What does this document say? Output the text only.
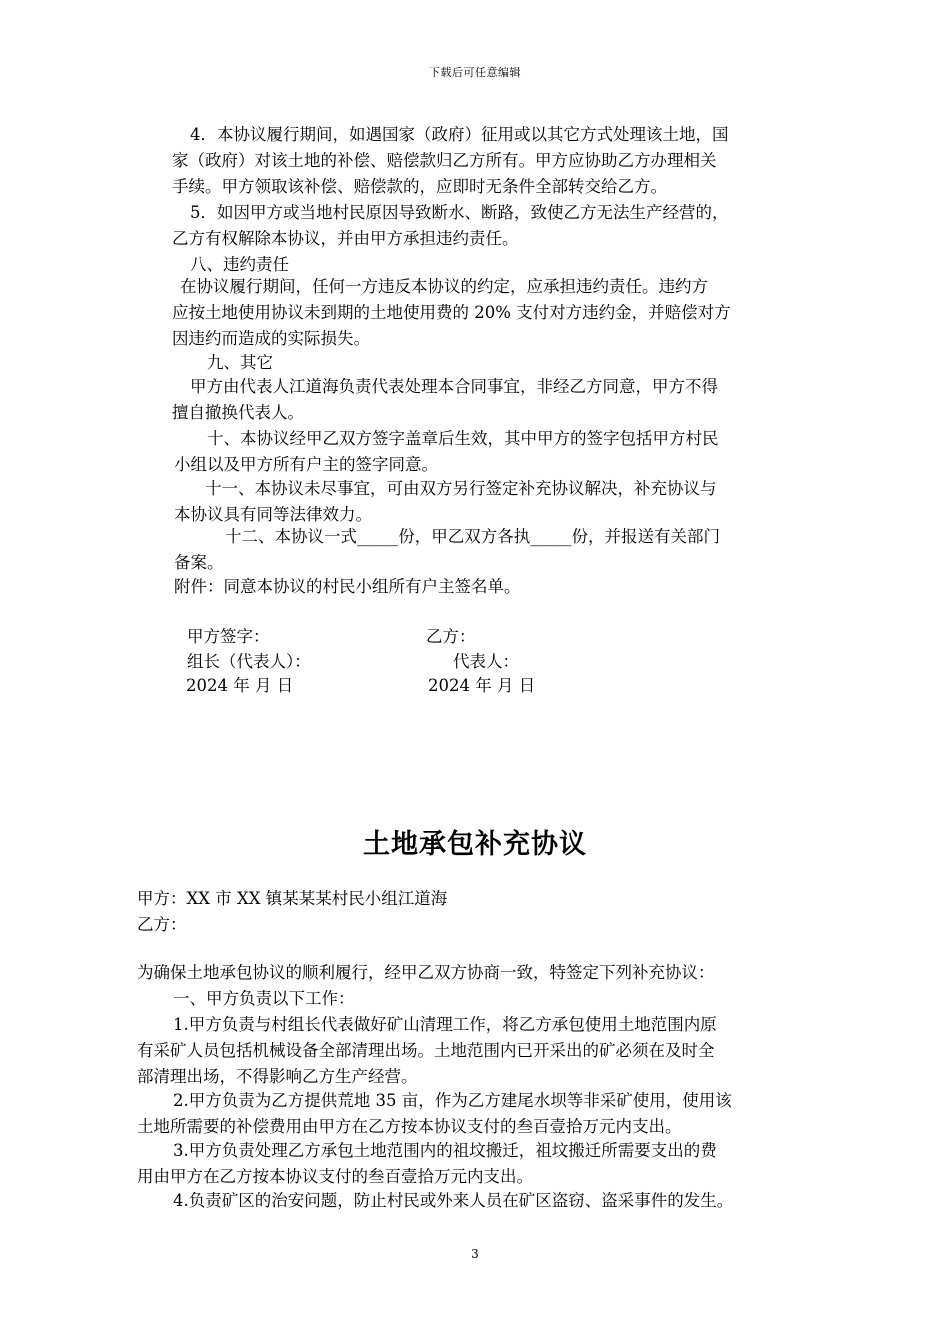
下载后可任意编辑
4．本协议履行期间，如遇国家（政府）征用或以其它方式处理该土地，国
家（政府）对该土地的补偿、赔偿款归乙方所有。甲方应协助乙方办理相关
手续。甲方领取该补偿、赔偿款的，应即时无条件全部转交给乙方。
5．如因甲方或当地村民原因导致断水、断路，致使乙方无法生产经营的，
乙方有权解除本协议，并由甲方承担违约责任。
八、违约责任
在协议履行期间，任何一方违反本协议的约定，应承担违约责任。违约方
应按土地使用协议未到期的土地使用费的 20% 支付对方违约金，并赔偿对方
因违约而造成的实际损失。
九、其它
甲方由代表人江道海负责代表处理本合同事宜，非经乙方同意，甲方不得
擅自撤换代表人。
十、本协议经甲乙双方签字盖章后生效，其中甲方的签字包括甲方村民
小组以及甲方所有户主的签字同意。
十一、本协议未尽事宜，可由双方另行签定补充协议解决，补充协议与
本协议具有同等法律效力。
十二、本协议一式_____份，甲乙双方各执_____份，并报送有关部门
备案。
附件：同意本协议的村民小组所有户主签名单。
甲方签字：	乙方：
组长（代表人）：	代表人：
2024 年 月 日	2024 年 月 日
土地承包补充协议
甲方：XX 市 XX 镇某某某村民小组江道海
乙方：
为确保土地承包协议的顺利履行，经甲乙双方协商一致，特签定下列补充协议：
一、甲方负责以下工作：
1.甲方负责与村组长代表做好矿山清理工作，将乙方承包使用土地范围内原
有采矿人员包括机械设备全部清理出场。土地范围内已开采出的矿必须在及时全
部清理出场，不得影响乙方生产经营。
2.甲方负责为乙方提供荒地 35 亩，作为乙方建尾水坝等非采矿使用，使用该
土地所需要的补偿费用由甲方在乙方按本协议支付的叁百壹拾万元内支出。
3.甲方负责处理乙方承包土地范围内的祖坟搬迁，祖坟搬迁所需要支出的费
用由甲方在乙方按本协议支付的叁百壹拾万元内支出。
4.负责矿区的治安问题，防止村民或外来人员在矿区盗窃、盗采事件的发生。
3
